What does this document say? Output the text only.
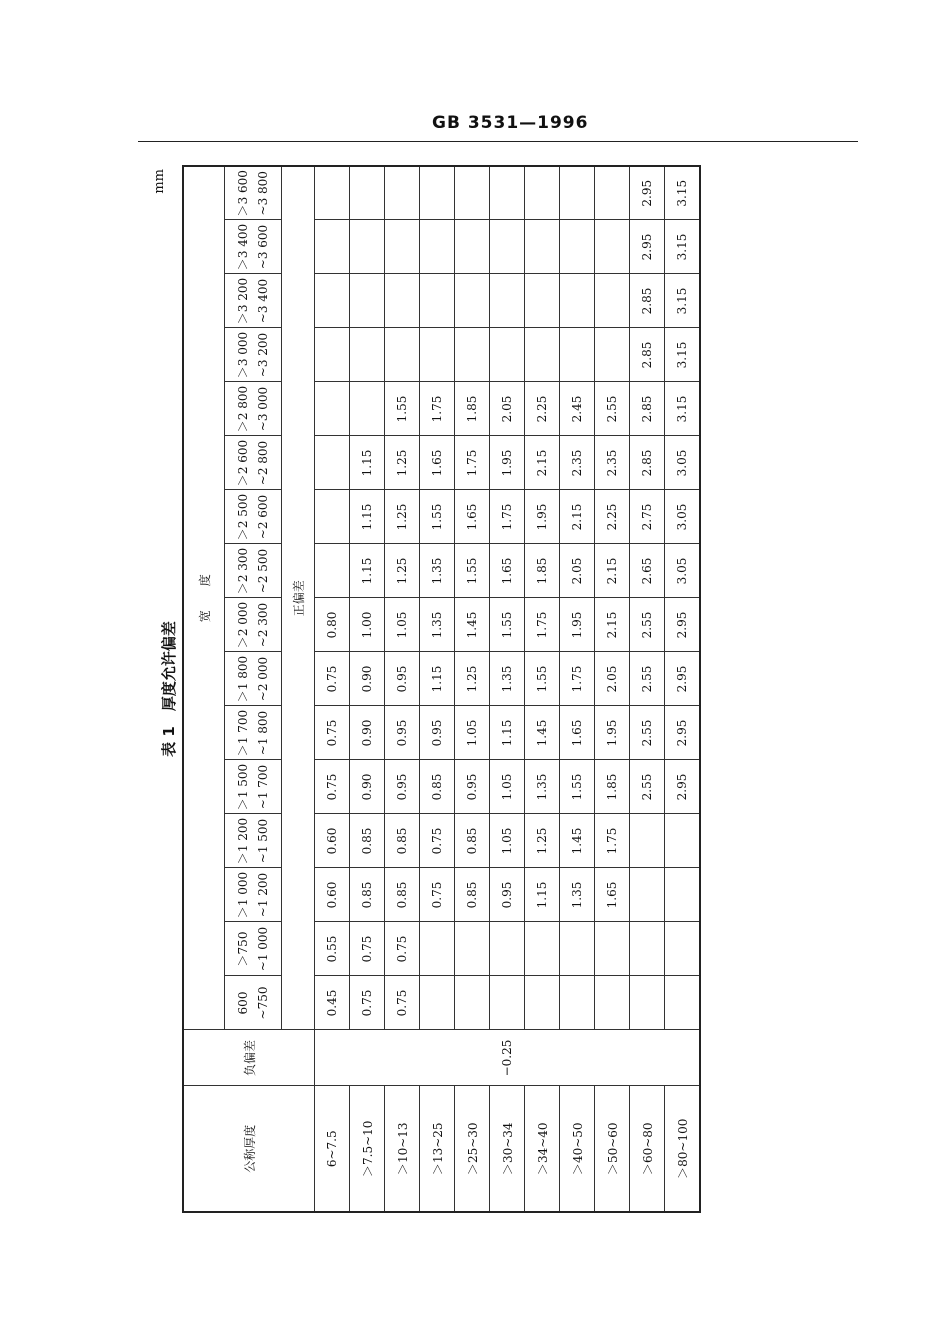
GB 3531—1996
表 1　厚度允许偏差
mm
公称厚度	负偏差	宽　　度															

		600 ~750	＞750 ~1 000	＞1 000 ~1 200	＞1 200 ~1 500	＞1 500 ~1 700	＞1 700 ~1 800	＞1 800 ~2 000	＞2 000 ~2 300	＞2 300 ~2 500	＞2 500 ~2 600	＞2 600 ~2 800	＞2 800 ~3 000	＞3 000 ~3 200	＞3 200 ~3 400	＞3 400 ~3 600	＞3 600 ~3 800

		正偏差															
6~7.5	−0.25	0.45	0.55	0.60	0.60	0.75	0.75	0.75	0.80								
＞7.5~10		0.75	0.75	0.85	0.85	0.90	0.90	0.90	1.00	1.15	1.15	1.15					
＞10~13		0.75	0.75	0.85	0.85	0.95	0.95	0.95	1.05	1.25	1.25	1.25	1.55				
＞13~25				0.75	0.75	0.85	0.95	1.15	1.35	1.35	1.55	1.65	1.75				
＞25~30				0.85	0.85	0.95	1.05	1.25	1.45	1.55	1.65	1.75	1.85				
＞30~34				0.95	1.05	1.05	1.15	1.35	1.55	1.65	1.75	1.95	2.05				
＞34~40				1.15	1.25	1.35	1.45	1.55	1.75	1.85	1.95	2.15	2.25				
＞40~50				1.35	1.45	1.55	1.65	1.75	1.95	2.05	2.15	2.35	2.45				
＞50~60				1.65	1.75	1.85	1.95	2.05	2.15	2.15	2.25	2.35	2.55				
＞60~80						2.55	2.55	2.55	2.55	2.65	2.75	2.85	2.85	2.85	2.85	2.95	2.95
＞80~100						2.95	2.95	2.95	2.95	3.05	3.05	3.05	3.15	3.15	3.15	3.15	3.15
